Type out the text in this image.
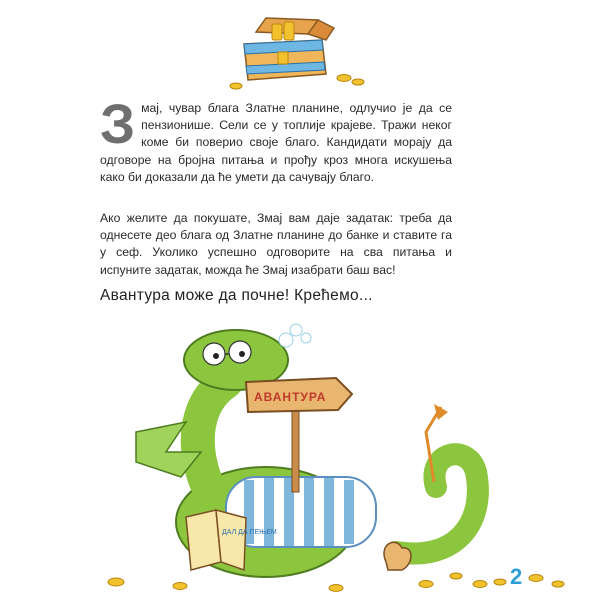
Змај, чувар блага Златне планине, одлучио је да се пензионише. Сели се у топлије крајеве. Тражи неког коме би поверио своје благо. Кандидати морају да одговоре на бројна питања и прођу кроз многа искушења како би доказали да ће умети да сачувају благо.

Ако желите да покушате, Змај вам даје задатак: треба да однесете део блага од Златне планине до банке и ставите га у сеф. Уколико успешно одговорите на сва питања и испуните задатак, можда ће Змај изабрати баш вас!

Авантура може да почне! Крећемо...

АВАНТУРА
ДАЛ ДА ПЕЊЕМ
2
